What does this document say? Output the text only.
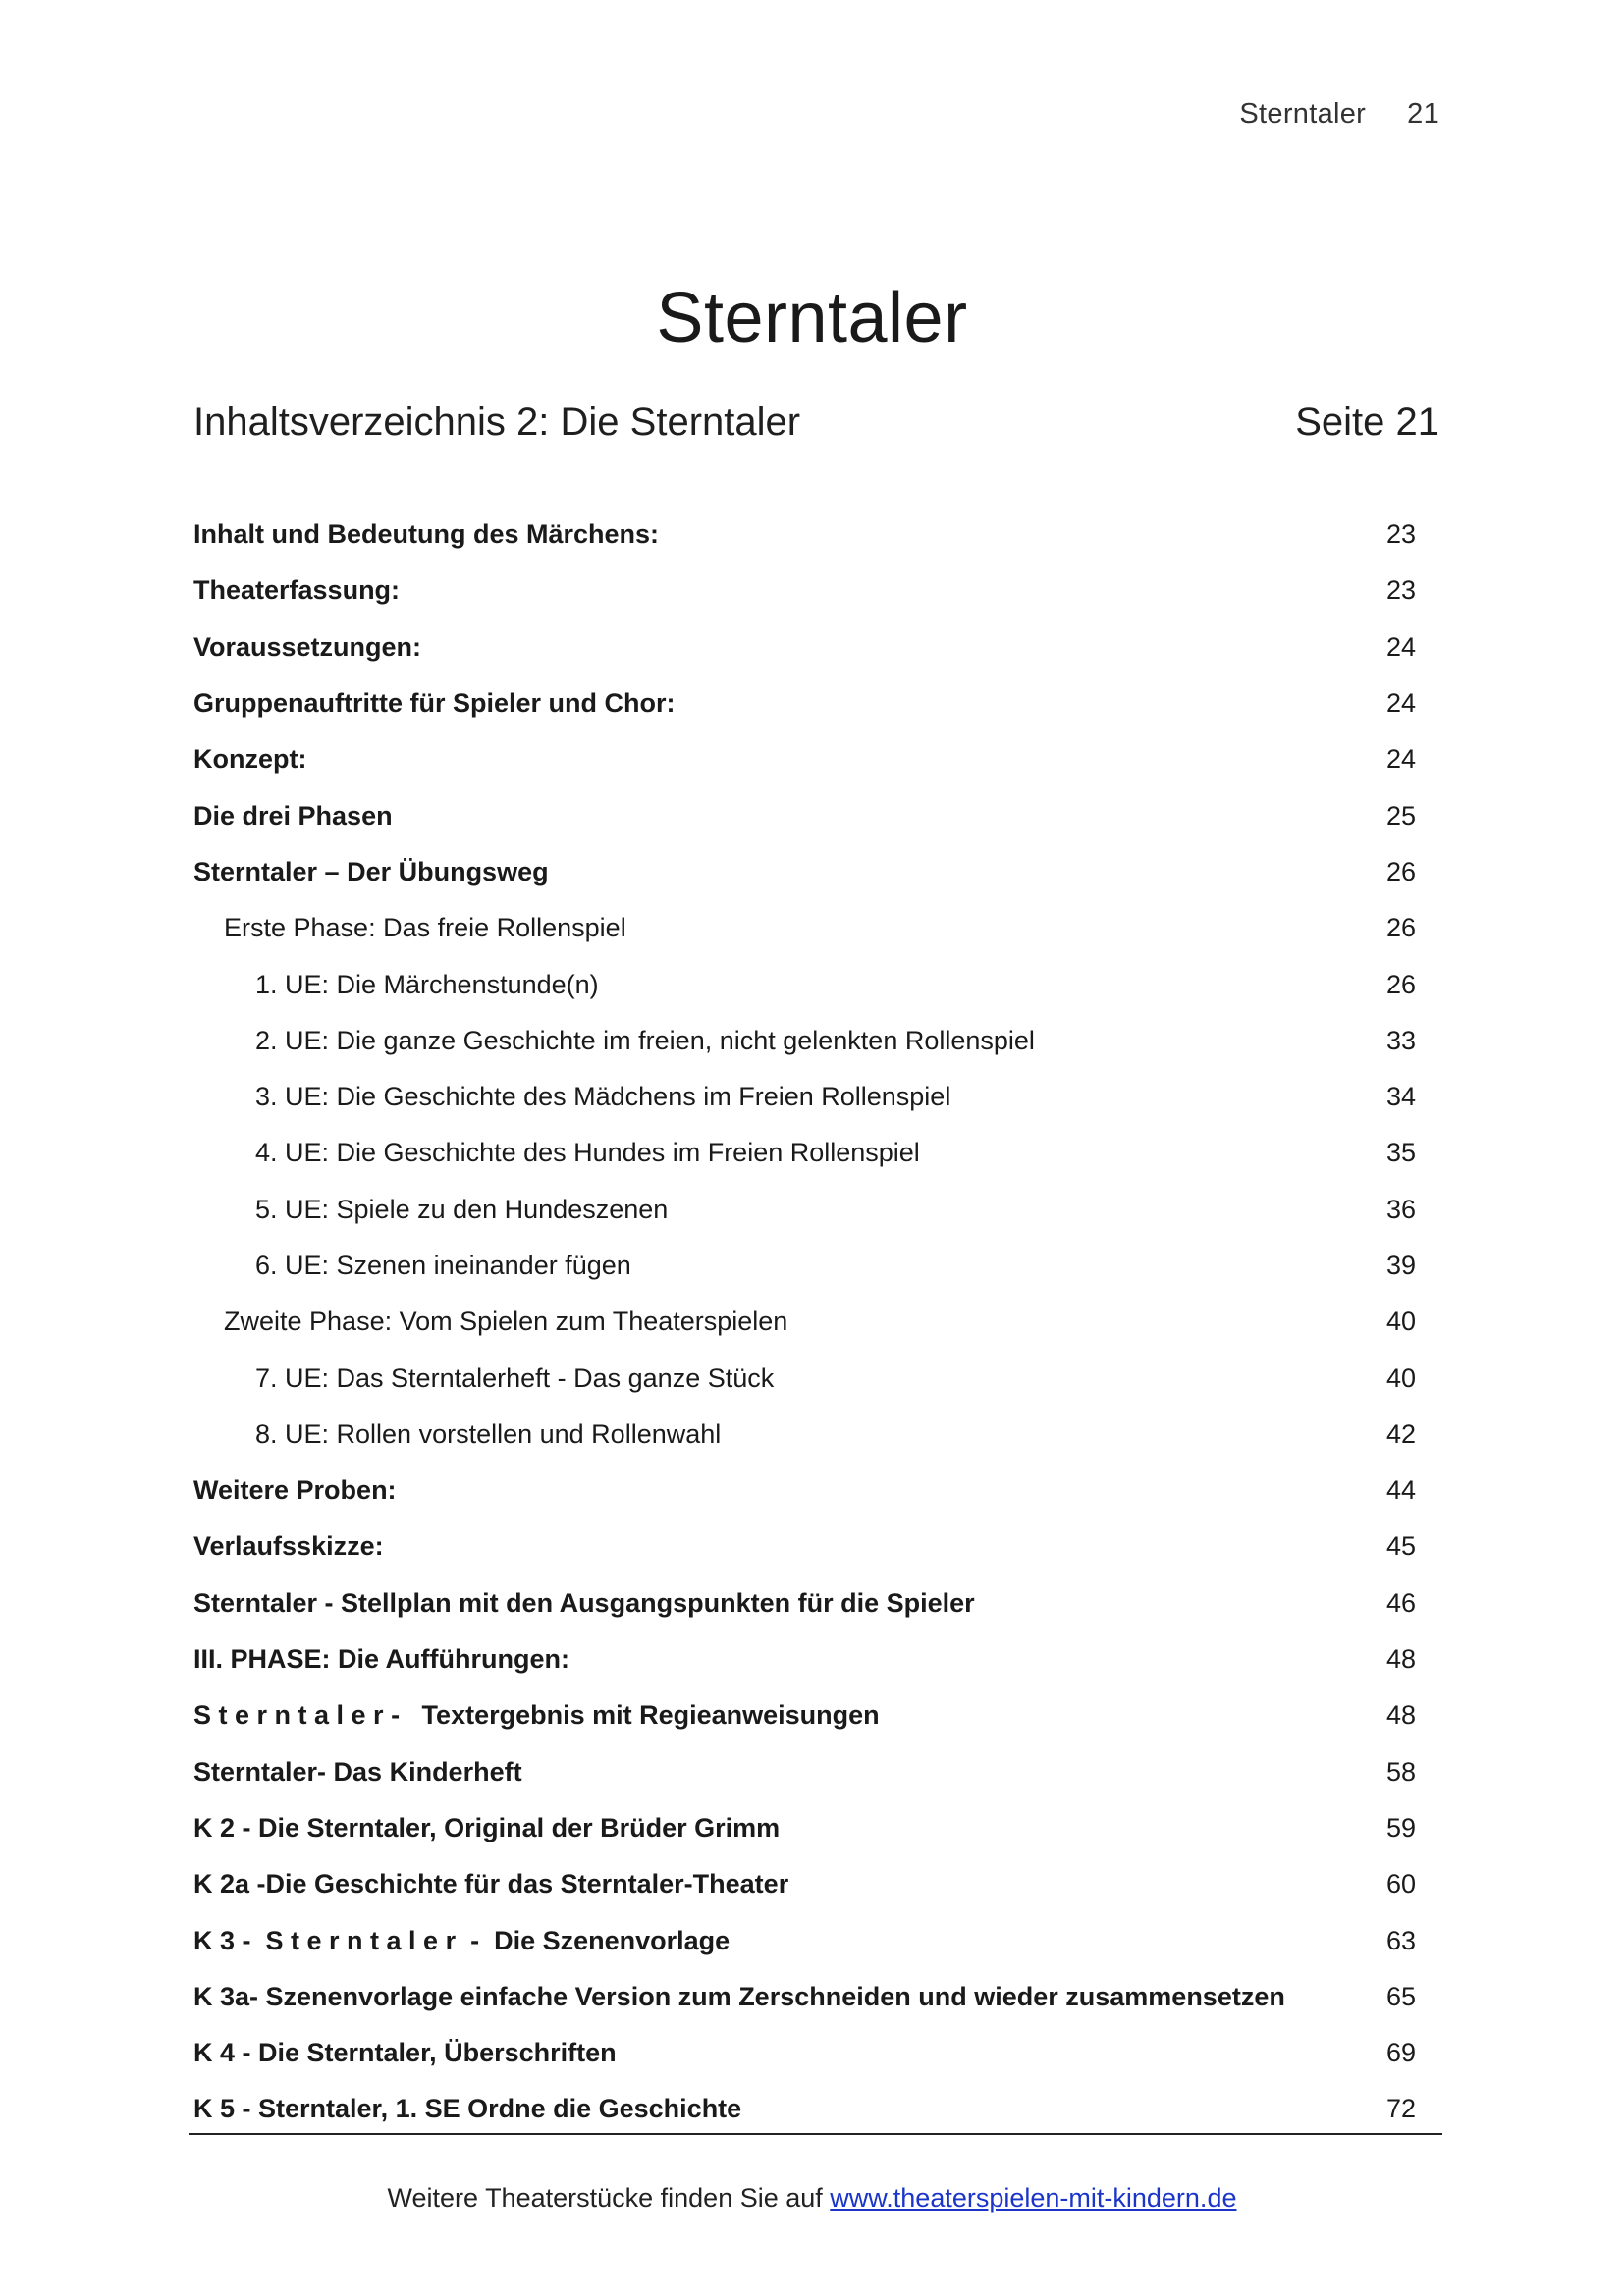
Sterntaler 21
Sterntaler
Inhaltsverzeichnis 2: Die Sterntaler	Seite 21
Inhalt und Bedeutung des Märchens:	23
Theaterfassung:	23
Voraussetzungen:	24
Gruppenauftritte für Spieler und Chor:	24
Konzept:	24
Die drei Phasen	25
Sterntaler – Der Übungsweg	26
Erste Phase: Das freie Rollenspiel	26
1. UE: Die Märchenstunde(n)	26
2. UE: Die ganze Geschichte im freien, nicht gelenkten Rollenspiel	33
3. UE: Die Geschichte des Mädchens im Freien Rollenspiel	34
4. UE: Die Geschichte des Hundes im Freien Rollenspiel	35
5. UE: Spiele zu den Hundeszenen	36
6. UE: Szenen ineinander fügen	39
Zweite Phase: Vom Spielen zum Theaterspielen	40
7. UE: Das Sterntalerheft - Das ganze Stück	40
8. UE: Rollen vorstellen und Rollenwahl	42
Weitere Proben:	44
Verlaufsskizze:	45
Sterntaler - Stellplan mit den Ausgangspunkten für die Spieler	46
III. PHASE: Die Aufführungen:	48
S t e r n t a l e r -   Textergebnis mit Regieanweisungen	48
Sterntaler- Das Kinderheft	58
K 2 - Die Sterntaler, Original der Brüder Grimm	59
K 2a -Die Geschichte für das Sterntaler-Theater	60
K 3 -  S t e r n t a l e r  -  Die Szenenvorlage	63
K 3a- Szenenvorlage einfache Version zum Zerschneiden und wieder zusammensetzen	65
K 4 - Die Sterntaler, Überschriften	69
K 5 - Sterntaler, 1. SE Ordne die Geschichte	72
Weitere Theaterstücke finden Sie auf www.theaterspielen-mit-kindern.de
